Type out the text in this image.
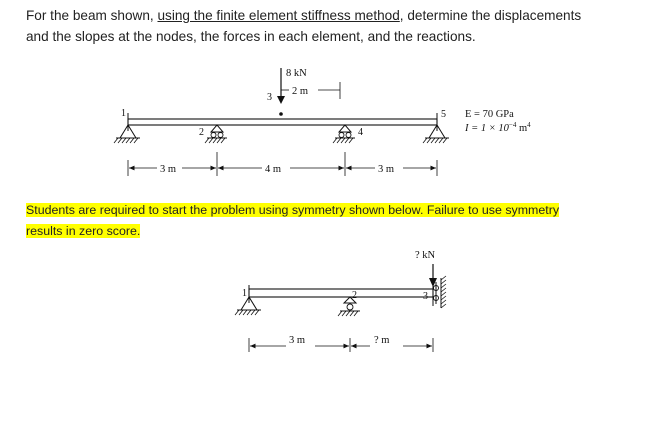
For the beam shown, using the finite element stiffness method, determine the displacements
and the slopes at the nodes, the forces in each element, and the reactions.
Students are required to start the problem using symmetry shown below. Failure to use symmetry
results in zero score.
8 kN
2 m
1
2
3
4
5 E = 70 GPa
$I = 1 \times 10^{-4}$ $m^4$
3 m	4 m	3 m
? kN
1	2	3
3 m	? m
